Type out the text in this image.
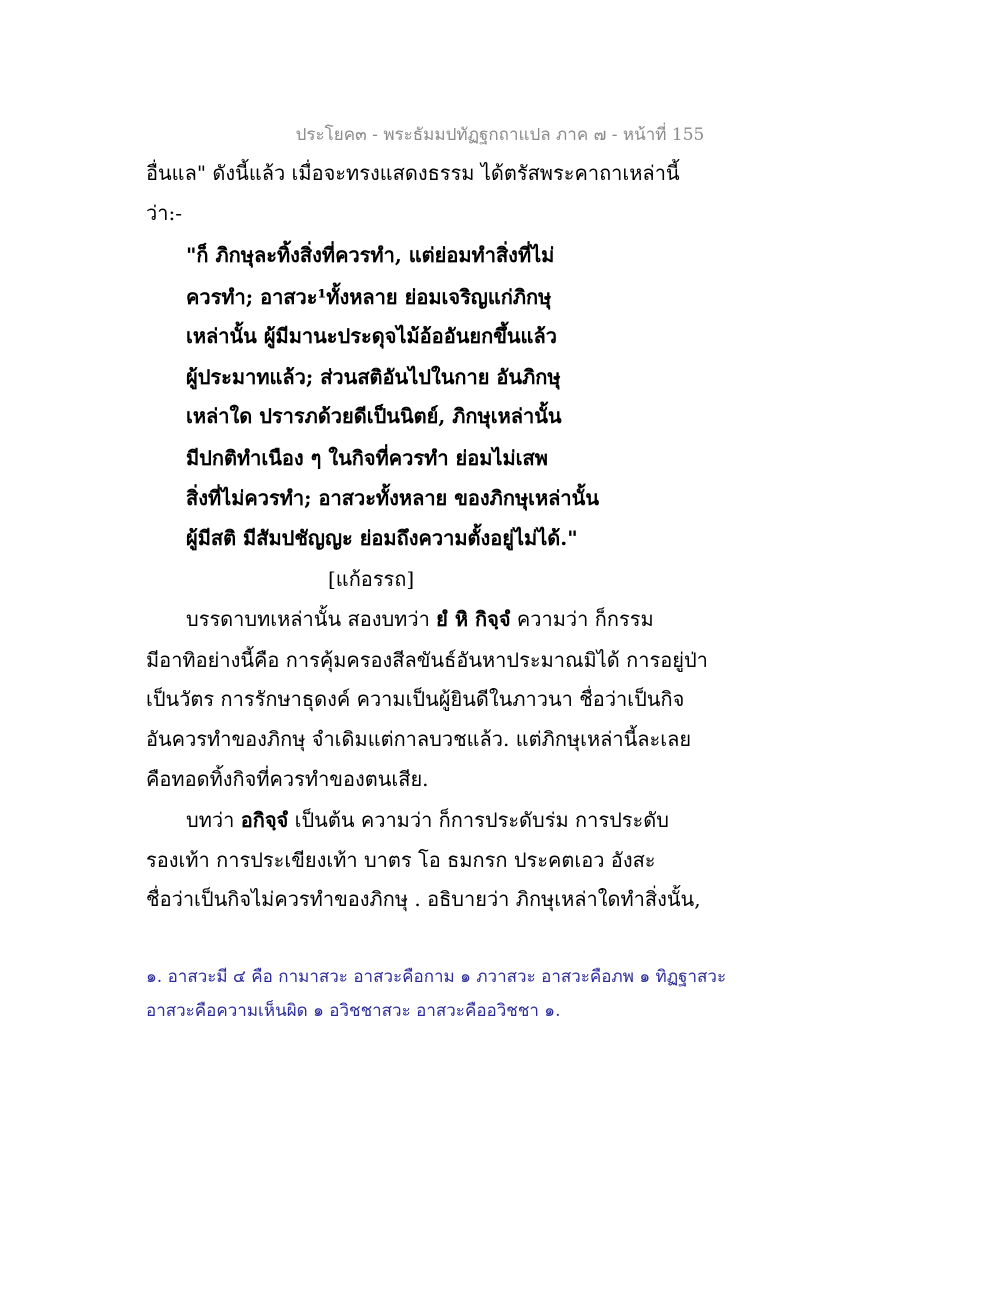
ประโยค๓ - พระธัมมปทัฏฐกถาแปล ภาค ๗ - หน้าที่ 155
อื่นแล" ดังนี้แล้ว เมื่อจะทรงแสดงธรรม ได้ตรัสพระคาถาเหล่านี้
ว่า:-
"ก็ ภิกษุละทิ้งสิ่งที่ควรทำ, แต่ย่อมทำสิ่งที่ไม่
ควรทำ; อาสวะ¹ทั้งหลาย ย่อมเจริญแก่ภิกษุ
เหล่านั้น ผู้มีมานะประดุจไม้อ้ออันยกขึ้นแล้ว
ผู้ประมาทแล้ว; ส่วนสติอันไปในกาย อันภิกษุ
เหล่าใด ปรารภด้วยดีเป็นนิตย์, ภิกษุเหล่านั้น
มีปกติทำเนือง ๆ ในกิจที่ควรทำ ย่อมไม่เสพ
สิ่งที่ไม่ควรทำ; อาสวะทั้งหลาย ของภิกษุเหล่านั้น
ผู้มีสติ มีสัมปชัญญะ ย่อมถึงความตั้งอยู่ไม่ได้."
[แก้อรรถ]
บรรดาบทเหล่านั้น สองบทว่า ยํ หิ กิจฺจํ ความว่า ก็กรรม
มีอาทิอย่างนี้คือ การคุ้มครองสีลขันธ์อันหาประมาณมิได้ การอยู่ป่า
เป็นวัตร การรักษาธุดงค์ ความเป็นผู้ยินดีในภาวนา ชื่อว่าเป็นกิจ
อันควรทำของภิกษุ จำเดิมแต่กาลบวชแล้ว. แต่ภิกษุเหล่านี้ละเลย
คือทอดทิ้งกิจที่ควรทำของตนเสีย.
บทว่า อกิจฺจํ เป็นต้น ความว่า ก็การประดับร่ม การประดับ
รองเท้า การประเขียงเท้า บาตร โอ ธมกรก ประคตเอว อังสะ
ชื่อว่าเป็นกิจไม่ควรทำของภิกษุ . อธิบายว่า ภิกษุเหล่าใดทำสิ่งนั้น,
๑. อาสวะมี ๔ คือ กามาสวะ อาสวะคือกาม ๑ ภวาสวะ อาสวะคือภพ ๑ ทิฏฐาสวะ
อาสวะคือความเห็นผิด ๑ อวิชชาสวะ อาสวะคืออวิชชา ๑.
